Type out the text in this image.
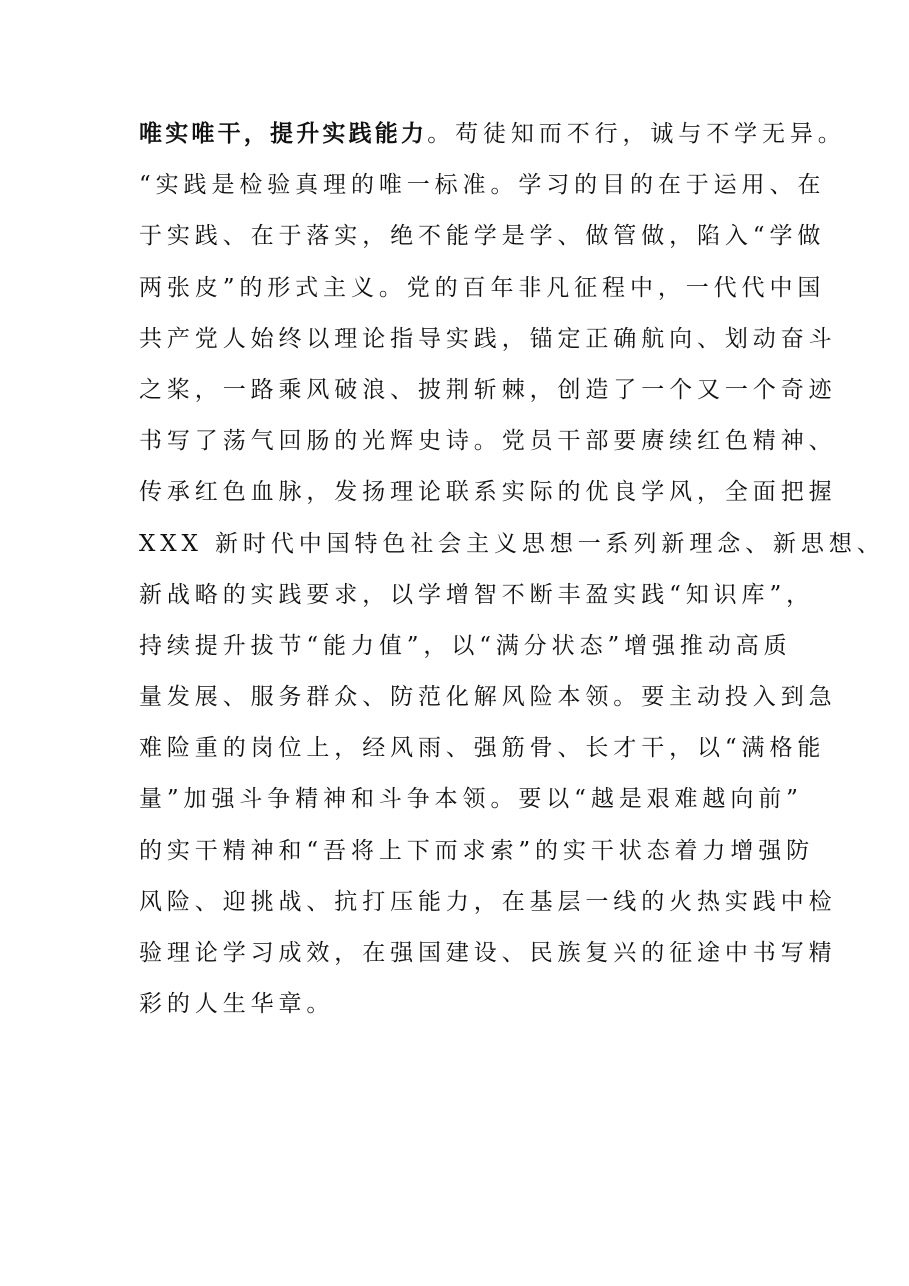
唯实唯干，提升实践能力。苟徒知而不行，诚与不学无异。
“实践是检验真理的唯一标准。学习的目的在于运用、在
于实践、在于落实，绝不能学是学、做管做，陷入“学做
两张皮”的形式主义。党的百年非凡征程中，一代代中国
共产党人始终以理论指导实践，锚定正确航向、划动奋斗
之桨，一路乘风破浪、披荆斩棘，创造了一个又一个奇迹
书写了荡气回肠的光辉史诗。党员干部要赓续红色精神、
传承红色血脉，发扬理论联系实际的优良学风，全面把握
XXX 新时代中国特色社会主义思想一系列新理念、新思想、
新战略的实践要求，以学增智不断丰盈实践“知识库”，
持续提升拔节“能力值”，以“满分状态”增强推动高质
量发展、服务群众、防范化解风险本领。要主动投入到急
难险重的岗位上，经风雨、强筋骨、长才干，以“满格能
量”加强斗争精神和斗争本领。要以“越是艰难越向前”
的实干精神和“吾将上下而求索”的实干状态着力增强防
风险、迎挑战、抗打压能力，在基层一线的火热实践中检
验理论学习成效，在强国建设、民族复兴的征途中书写精
彩的人生华章。
